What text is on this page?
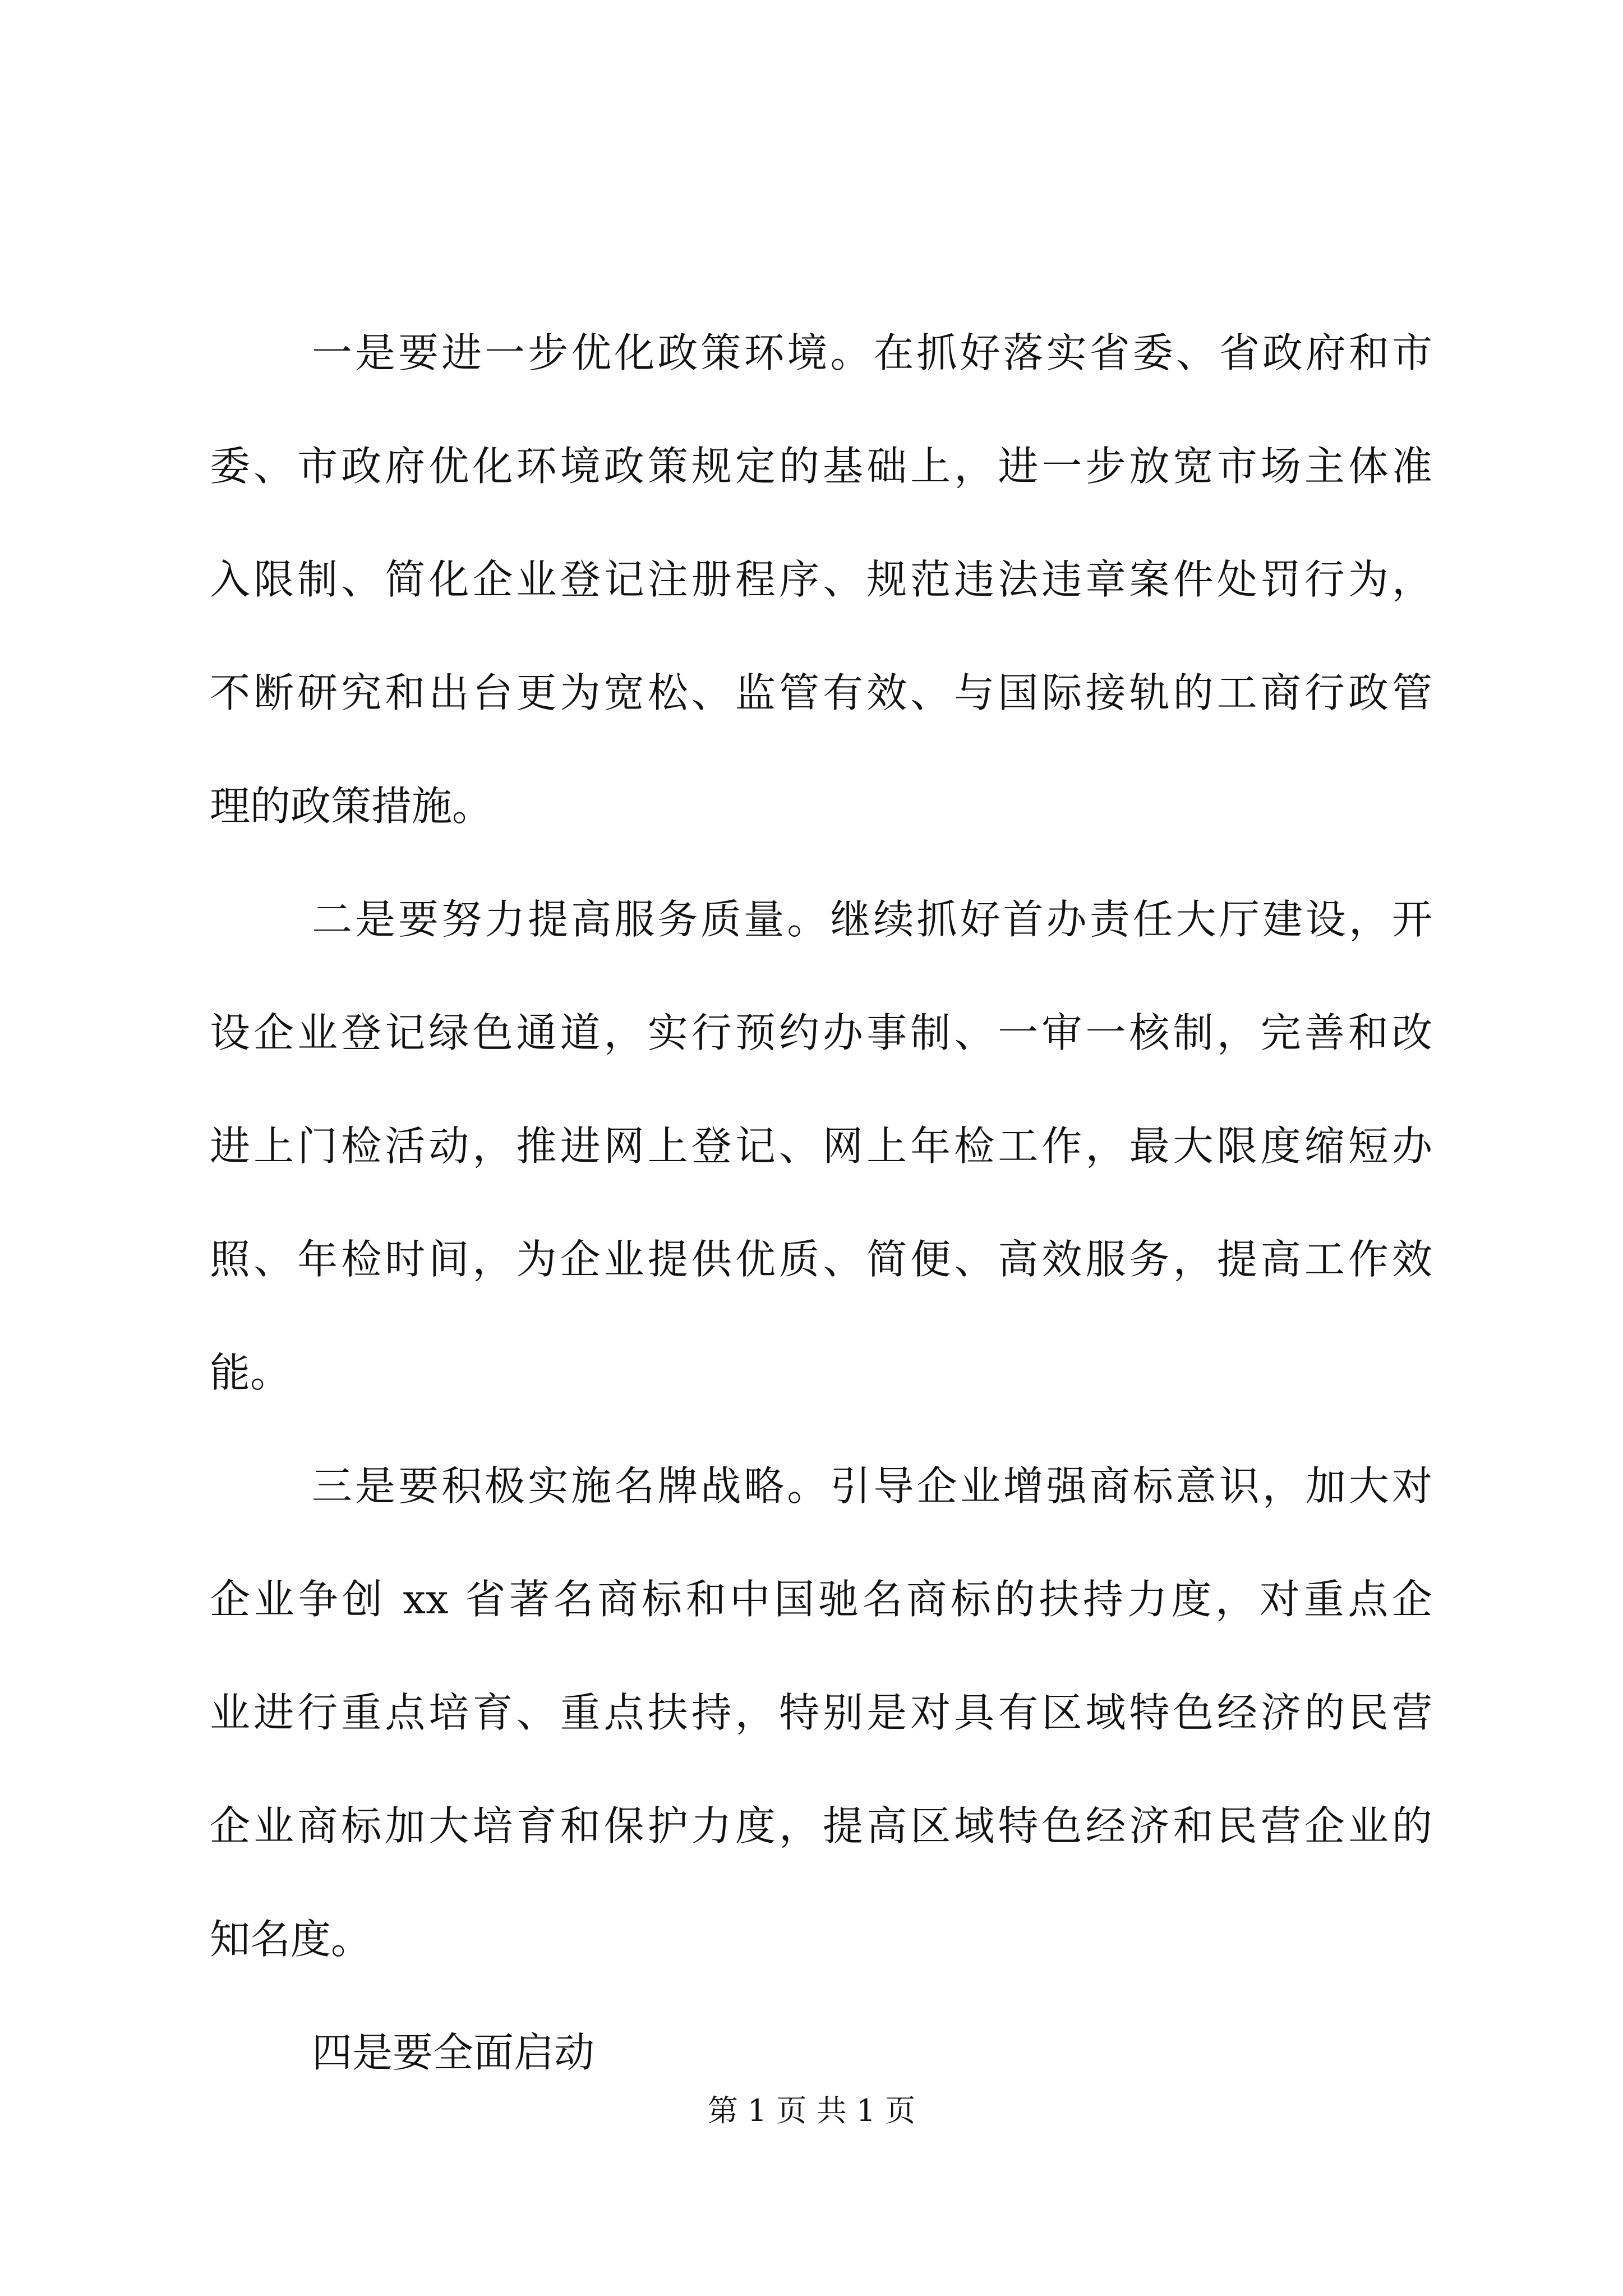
一是要进一步优化政策环境。在抓好落实省委、省政府和市
委、市政府优化环境政策规定的基础上，进一步放宽市场主体准
入限制、简化企业登记注册程序、规范违法违章案件处罚行为，
不断研究和出台更为宽松、监管有效、与国际接轨的工商行政管
理的政策措施。
二是要努力提高服务质量。继续抓好首办责任大厅建设，开
设企业登记绿色通道，实行预约办事制、一审一核制，完善和改
进上门检活动，推进网上登记、网上年检工作，最大限度缩短办
照、年检时间，为企业提供优质、简便、高效服务，提高工作效
能。
三是要积极实施名牌战略。引导企业增强商标意识，加大对
企业争创 xx 省著名商标和中国驰名商标的扶持力度，对重点企
业进行重点培育、重点扶持，特别是对具有区域特色经济的民营
企业商标加大培育和保护力度，提高区域特色经济和民营企业的
知名度。
四是要全面启动
第 1 页 共 1 页
